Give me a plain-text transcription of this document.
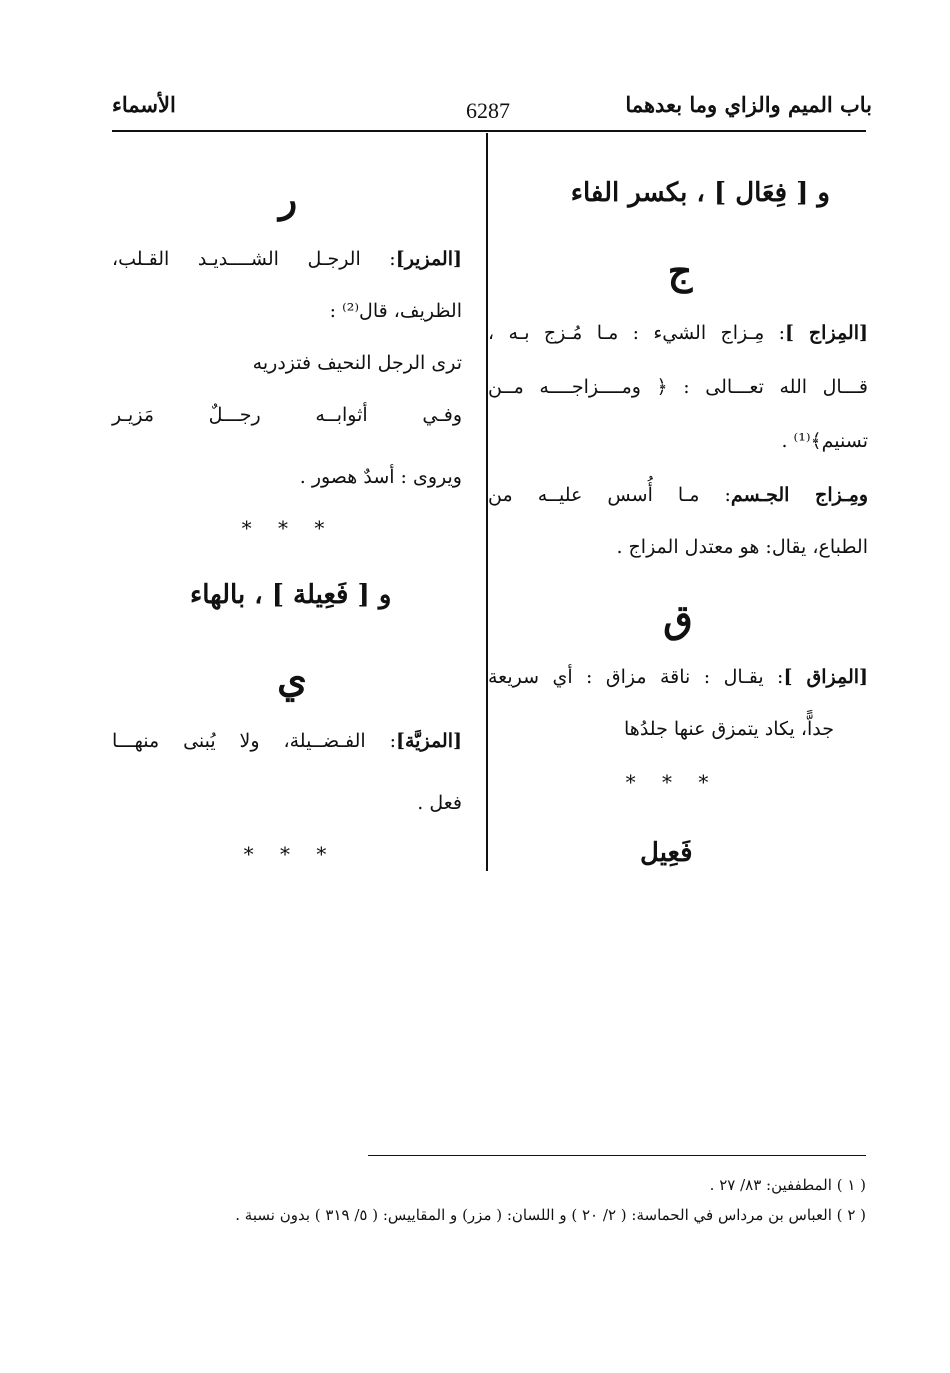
باب الميم والزاي وما بعدهما
6287
الأسماء
و [ فِعَال ] ، بكسر الفاء
ج
[المِزاج ]: مِـزاج الشيء : مـا مُـزج بـه ،
قـــال الله تعـــالى : ﴿ ومــــزاجــــه مــن
تسنيم﴾⁽¹⁾ .
ومِـزاج الجـسم: مـا أُسس عليــه من
الطباع، يقال: هو معتدل المزاج .
ق
[المِزاق ]: يقـال : ناقة مزاق : أي سريعة
جداًّ، يكاد يتمزق عنها جلدُها
* * *
فَعِيل
ر
[المزير]: الرجـل الشــــديـد القـلب،
الظريف، قال⁽²⁾ :
ترى الرجل النحيف فتزدريه
وفـي أثوابــه رجـــلٌ مَزيـر
ويروى : أسدٌ هصور .
* * *
و [ فَعِيلة ] ، بالهاء
ي
[المزيَّة]: الفـضــيلة، ولا يُبنى منهـــا
فعل .
* * *
( ١ ) المطففين: ٨٣/ ٢٧ .
( ٢ ) العباس بن مرداس في الحماسة: ( ٢/ ٢٠ ) و اللسان: ( مزر) و المقاييس: ( ٥/ ٣١٩ ) بدون نسبة .
